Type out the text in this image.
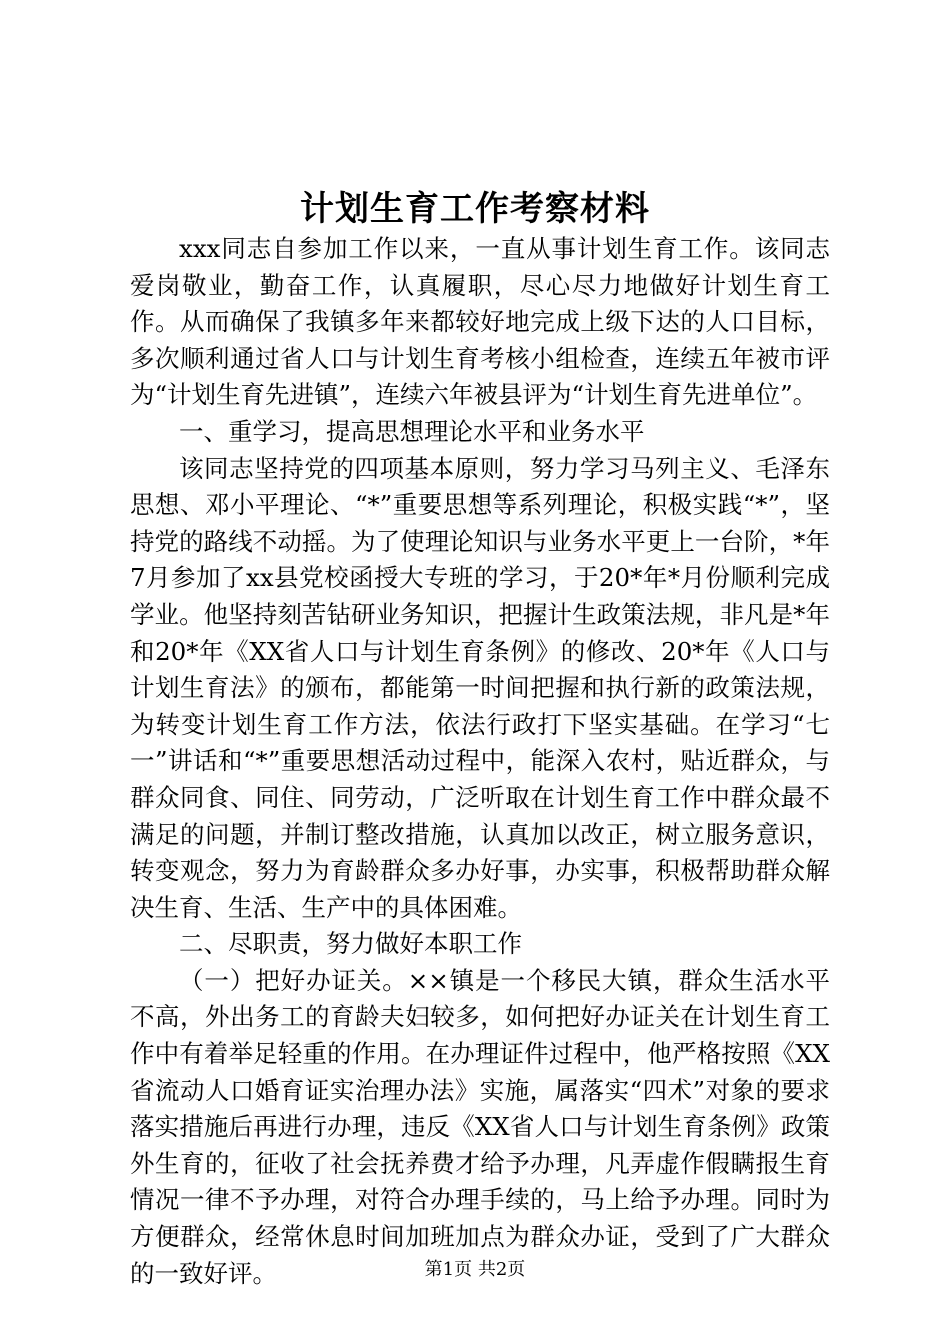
计划生育工作考察材料

xxx同志自参加工作以来，一直从事计划生育工作。该同志爱岗敬业，勤奋工作，认真履职，尽心尽力地做好计划生育工作。从而确保了我镇多年来都较好地完成上级下达的人口目标，多次顺利通过省人口与计划生育考核小组检查，连续五年被市评为“计划生育先进镇”，连续六年被县评为“计划生育先进单位”。

一、重学习，提高思想理论水平和业务水平

该同志坚持党的四项基本原则，努力学习马列主义、毛泽东思想、邓小平理论、“*”重要思想等系列理论，积极实践“*”，坚持党的路线不动摇。为了使理论知识与业务水平更上一台阶，*年7月参加了xx县党校函授大专班的学习，于20*年*月份顺利完成学业。他坚持刻苦钻研业务知识，把握计生政策法规，非凡是*年和20*年《XX省人口与计划生育条例》的修改、20*年《人口与计划生育法》的颁布，都能第一时间把握和执行新的政策法规，为转变计划生育工作方法，依法行政打下坚实基础。在学习“七一”讲话和“*”重要思想活动过程中，能深入农村，贴近群众，与群众同食、同住、同劳动，广泛听取在计划生育工作中群众最不满足的问题，并制订整改措施，认真加以改正，树立服务意识，转变观念，努力为育龄群众多办好事，办实事，积极帮助群众解决生育、生活、生产中的具体困难。

二、尽职责，努力做好本职工作

（一）把好办证关。××镇是一个移民大镇，群众生活水平不高，外出务工的育龄夫妇较多，如何把好办证关在计划生育工作中有着举足轻重的作用。在办理证件过程中，他严格按照《XX省流动人口婚育证实治理办法》实施，属落实“四术”对象的要求落实措施后再进行办理，违反《XX省人口与计划生育条例》政策外生育的，征收了社会抚养费才给予办理，凡弄虚作假瞒报生育情况一律不予办理，对符合办理手续的，马上给予办理。同时为方便群众，经常休息时间加班加点为群众办证，受到了广大群众的一致好评。	第1页 共2页
